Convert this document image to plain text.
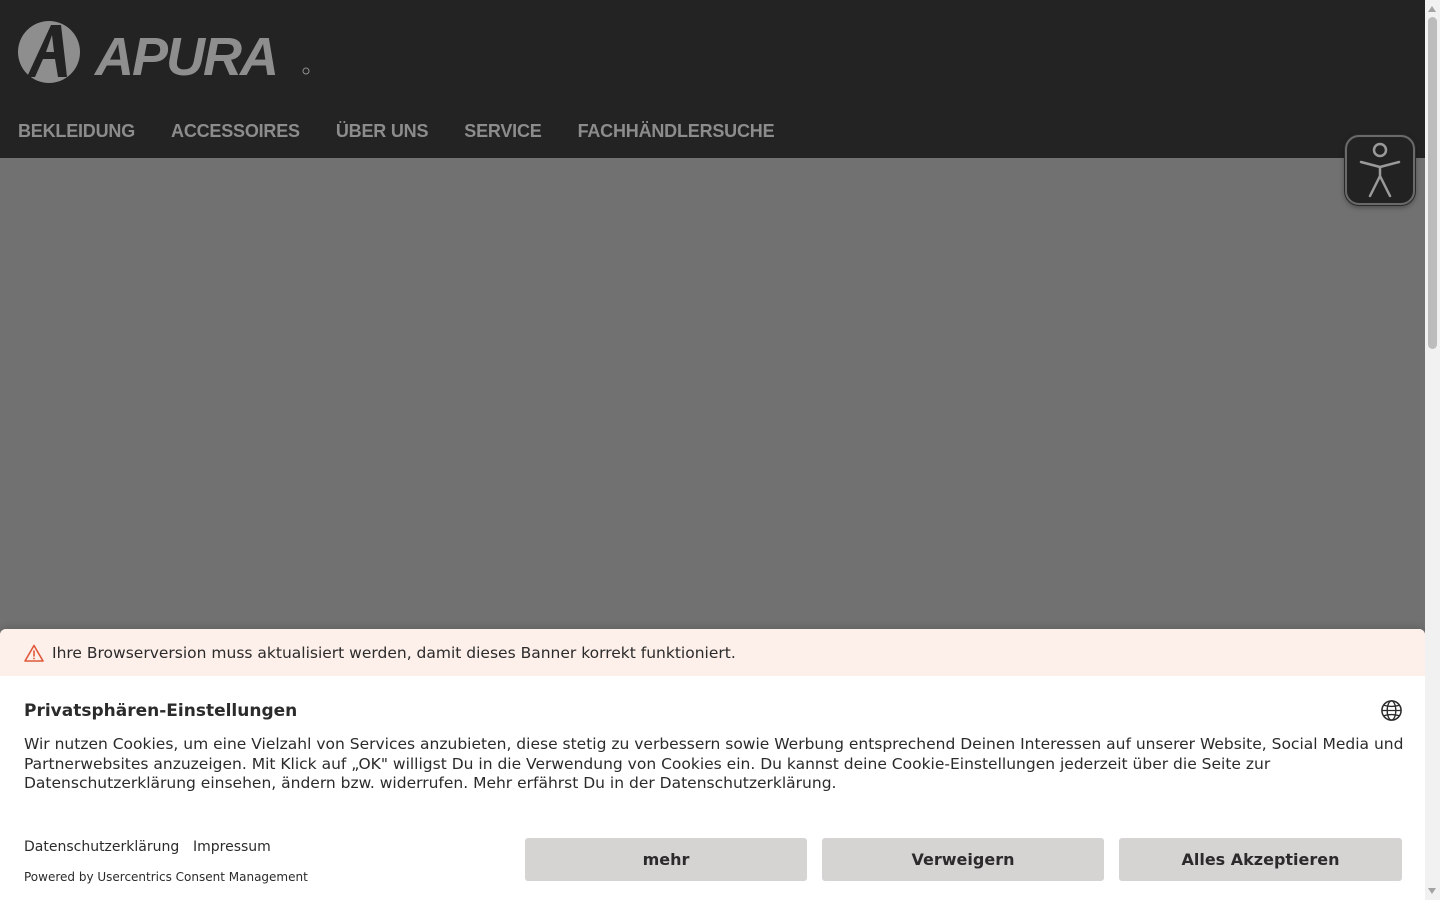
APURA
BEKLEIDUNG ACCESSOIRES ÜBER UNS SERVICE FACHHÄNDLERSUCHE
Ihre Browserversion muss aktualisiert werden, damit dieses Banner korrekt funktioniert.
Privatsphären-Einstellungen
Wir nutzen Cookies, um eine Vielzahl von Services anzubieten, diese stetig zu verbessern sowie Werbung entsprechend Deinen Interessen auf unserer Website, Social Media und Partnerwebsites anzuzeigen. Mit Klick auf „OK" willigst Du in die Verwendung von Cookies ein. Du kannst deine Cookie-Einstellungen jederzeit über die Seite zur Datenschutzerklärung einsehen, ändern bzw. widerrufen. Mehr erfährst Du in der Datenschutzerklärung.
Datenschutzerklärung Impressum
Powered by Usercentrics Consent Management
mehr	Verweigern	Alles Akzeptieren
